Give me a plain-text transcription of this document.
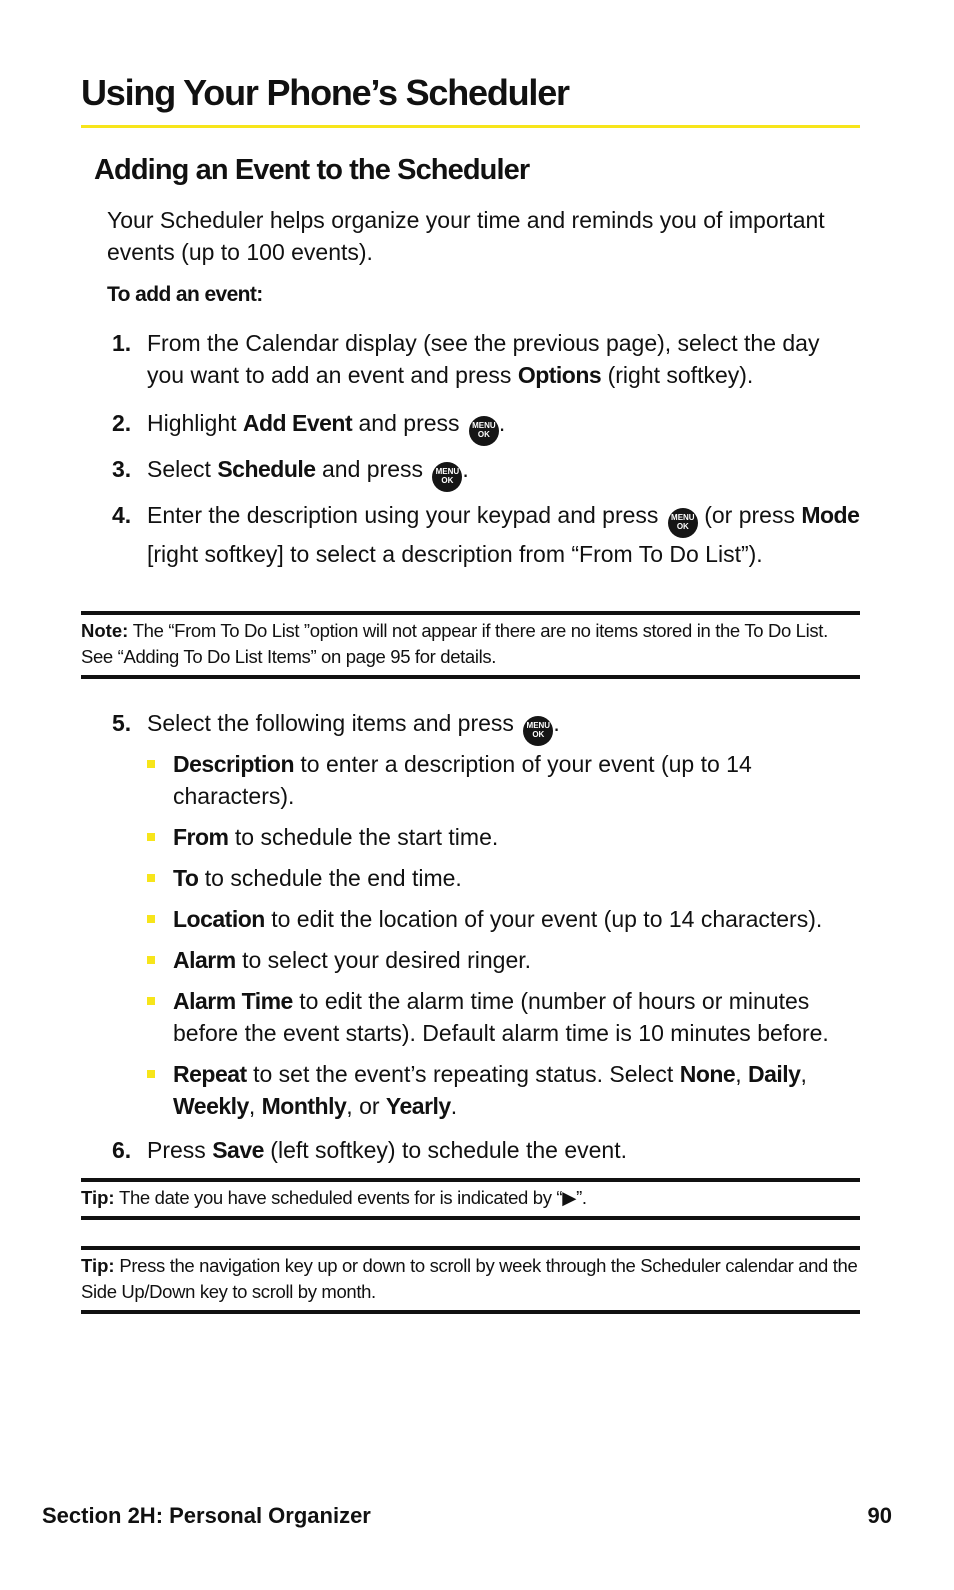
Using Your Phone’s Scheduler
Adding an Event to the Scheduler

Your Scheduler helps organize your time and reminds you of important events (up to 100 events).

To add an event:

1. From the Calendar display (see the previous page), select the day you want to add an event and press Options (right softkey).
2. Highlight Add Event and press MENU
OK .
3. Select Schedule and press MENU
OK .
4. Enter the description using your keypad and press MENU
OK (or press Mode [right softkey] to select a description from “From To Do List”).

Note: The “From To Do List ”option will not appear if there are no items stored in the To Do List. See “Adding To Do List Items” on page 95 for details.

5. Select the following items and press MENU
OK .
Description to enter a description of your event (up to 14 characters).
From to schedule the start time.
To to schedule the end time.
Location to edit the location of your event (up to 14 characters).
Alarm to select your desired ringer.
Alarm Time to edit the alarm time (number of hours or minutes before the event starts). Default alarm time is 10 minutes before.
Repeat to set the event’s repeating status. Select None, Daily, Weekly, Monthly, or Yearly.
6. Press Save (left softkey) to schedule the event.

Tip: The date you have scheduled events for is indicated by “▶”.

Tip: Press the navigation key up or down to scroll by week through the Scheduler calendar and the Side Up/Down key to scroll by month.

Section 2H: Personal Organizer	90
